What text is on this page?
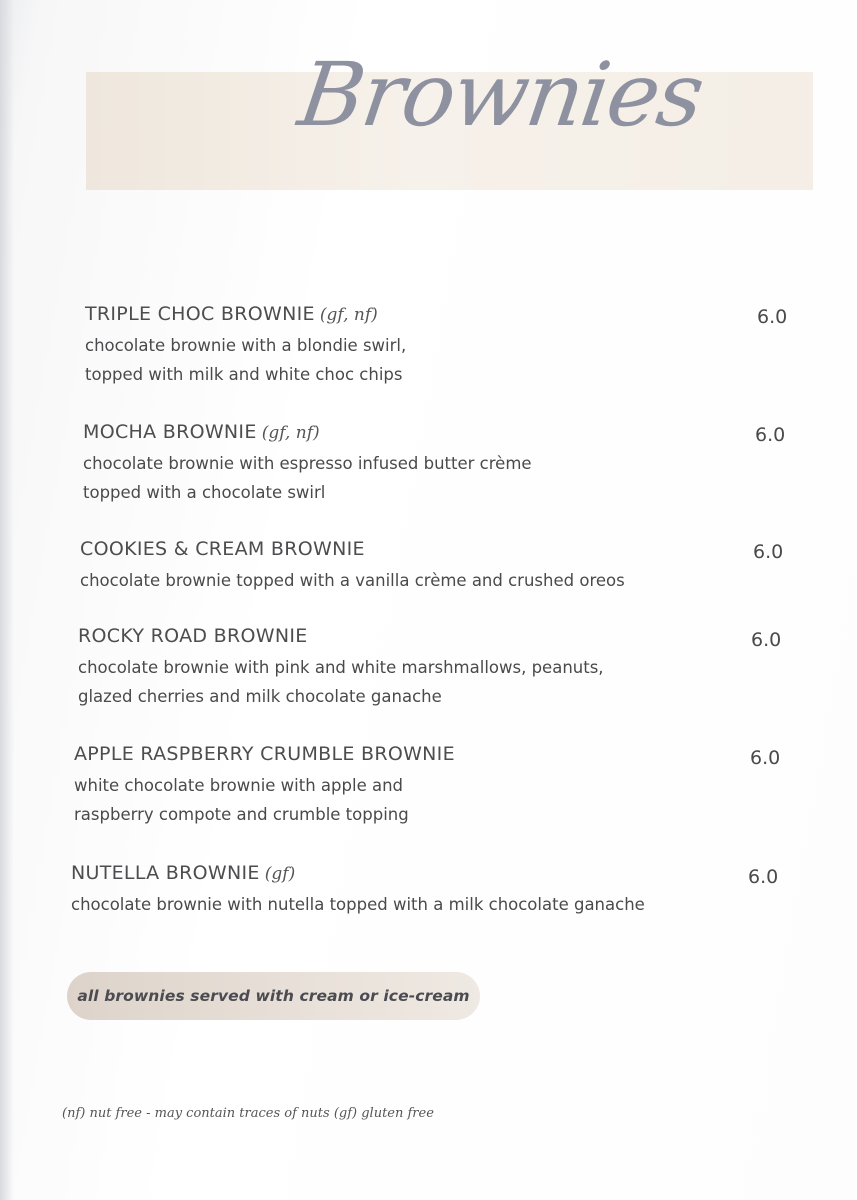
Brownies
TRIPLE CHOC BROWNIE (gf, nf)
chocolate brownie with a blondie swirl,
topped with milk and white choc chips
6.0
MOCHA BROWNIE (gf, nf)
chocolate brownie with espresso infused butter crème
topped with a chocolate swirl
6.0
COOKIES & CREAM BROWNIE
chocolate brownie topped with a vanilla crème and crushed oreos
6.0
ROCKY ROAD BROWNIE
chocolate brownie with pink and white marshmallows, peanuts,
glazed cherries and milk chocolate ganache
6.0
APPLE RASPBERRY CRUMBLE BROWNIE
white chocolate brownie with apple and
raspberry compote and crumble topping
6.0
NUTELLA BROWNIE (gf)
chocolate brownie with nutella topped with a milk chocolate ganache
6.0
all brownies served with cream or ice-cream
(nf) nut free - may contain traces of nuts (gf) gluten free
